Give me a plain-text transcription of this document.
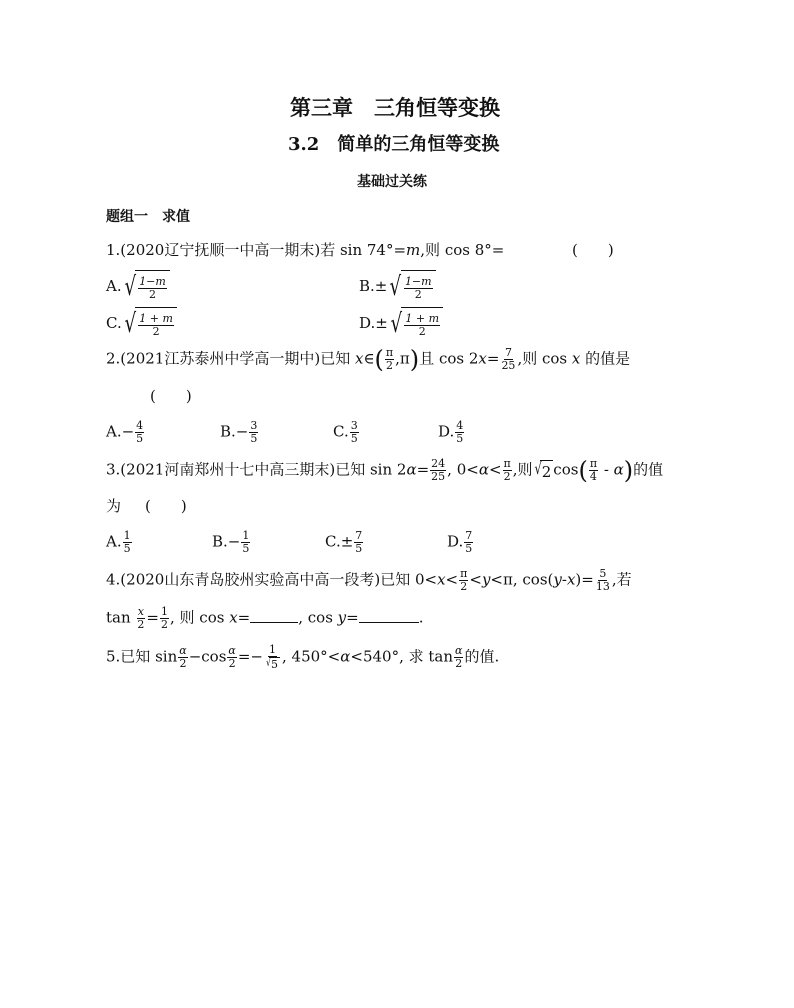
第三章　三角恒等变换
3.2　简单的三角恒等变换
基础过关练
题组一　求值
1.(2020辽宁抚顺一中高一期末)若 sin 74°=m,则 cos 8°=	(　　)
A. √ $\frac{1-m}{2}$	B.± √ $\frac{1-m}{2}$
C. √ $\frac{1 + m}{2}$	D.± √ $\frac{1 + m}{2}$
2.(2021江苏泰州中学高一期中)已知 x∈( $\frac{\pi}{2} ,\pi$)且 $\cos 2x= \frac{7}{25}$ ,则 cos x 的值是
(　　)
$A.- \frac{4}{5}$	$B.- \frac{3}{5}$	C. $\frac{3}{5}$	D. $\frac{4}{5}$
3.(2021河南郑州十七中高三期末)已知 $\sin 2\alpha= \frac{24}{25}$ , $0<\alpha< \frac{\pi}{2}$ ,则 √ 2 $\cos( \frac{\pi}{4} - \alpha)$的值
为 (　　)
A. $\frac{1}{5}$	$B.- \frac{1}{5}$	$C.\pm \frac{7}{5}$	D. $\frac{7}{5}$
4.(2020山东青岛胶州实验高中高一段考)已知 $0<x< \frac{\pi}{2} <y<\pi$, $\cos(y-x)= \frac{5}{13}$ ,若
$\tan \frac{x}{2} = \frac{1}{2}$ , 则 cos x=	, cos y=	.
5.已知 $\sin \frac{\alpha}{2} -\cos \frac{\alpha}{2} =- \frac{1}{√ 5}$ , 450°<α<540°, 求 $\tan \frac{\alpha}{2}$ 的值.
